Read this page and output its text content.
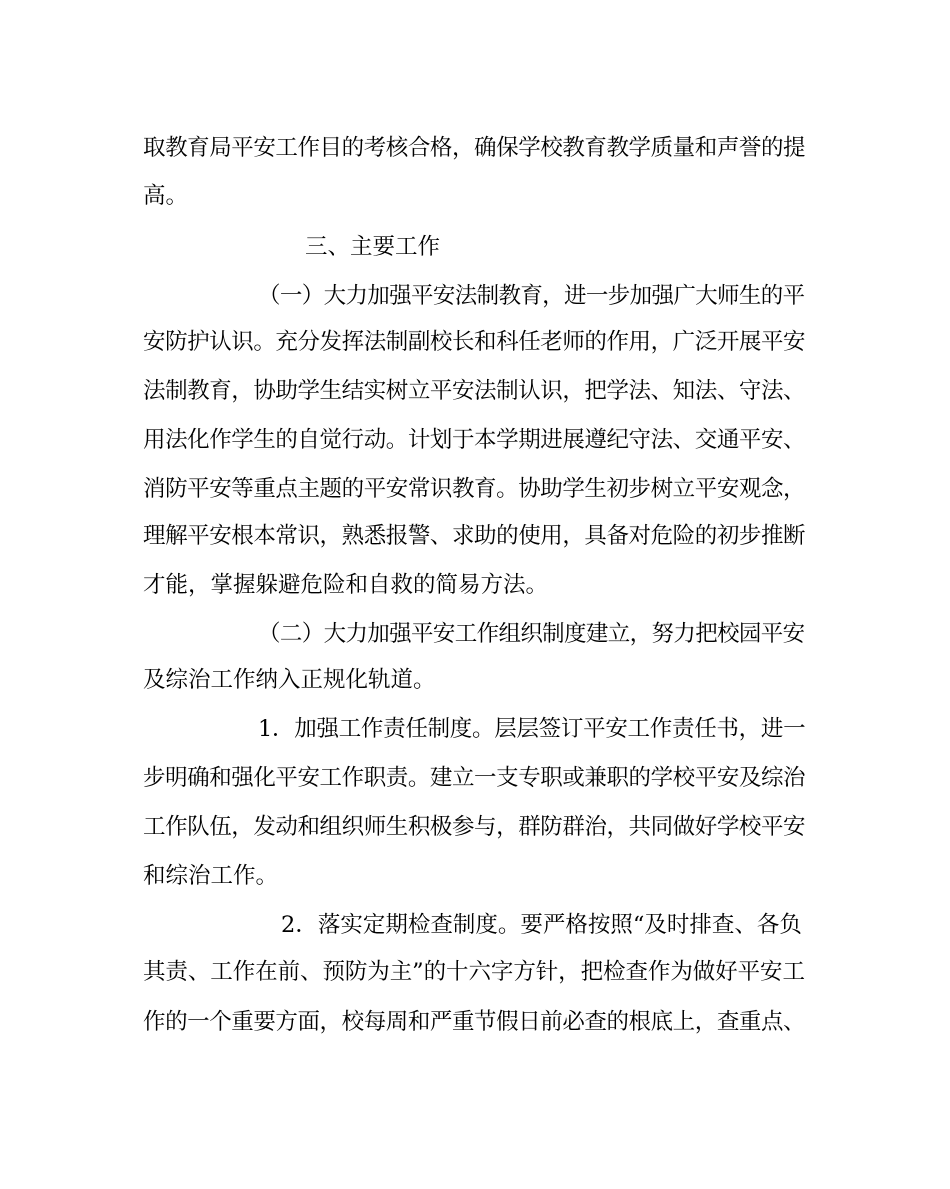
取教育局平安工作目的考核合格，确保学校教育教学质量和声誉的提
高。
三、主要工作
（一）大力加强平安法制教育，进一步加强广大师生的平
安防护认识。充分发挥法制副校长和科任老师的作用，广泛开展平安
法制教育，协助学生结实树立平安法制认识，把学法、知法、守法、
用法化作学生的自觉行动。计划于本学期进展遵纪守法、交通平安、
消防平安等重点主题的平安常识教育。协助学生初步树立平安观念，
理解平安根本常识，熟悉报警、求助的使用，具备对危险的初步推断
才能，掌握躲避危险和自救的简易方法。
（二）大力加强平安工作组织制度建立，努力把校园平安
及综治工作纳入正规化轨道。
1．加强工作责任制度。层层签订平安工作责任书，进一
步明确和强化平安工作职责。建立一支专职或兼职的学校平安及综治
工作队伍，发动和组织师生积极参与，群防群治，共同做好学校平安
和综治工作。
2．落实定期检查制度。要严格按照“及时排查、各负
其责、工作在前、预防为主”的十六字方针，把检查作为做好平安工
作的一个重要方面，校每周和严重节假日前必查的根底上，查重点、
